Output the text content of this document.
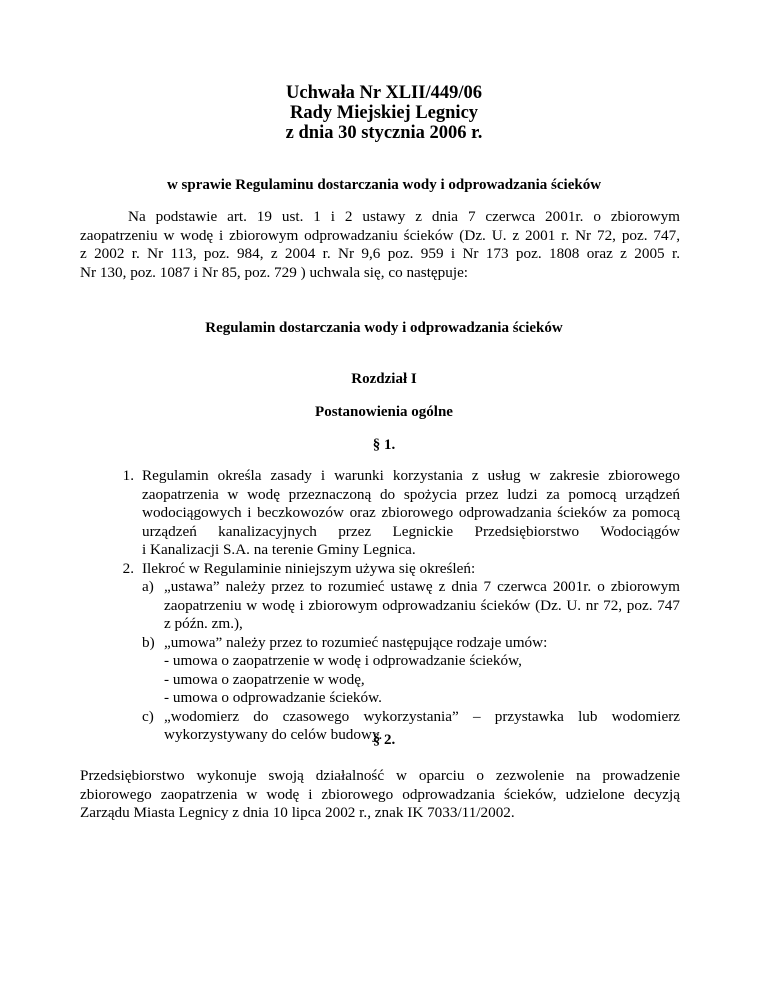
Uchwała Nr XLII/449/06
Rady Miejskiej Legnicy
z dnia 30 stycznia 2006 r.
w sprawie Regulaminu dostarczania wody i odprowadzania ścieków
Na podstawie art. 19 ust. 1 i 2 ustawy z dnia 7 czerwca 2001r. o zbiorowym
zaopatrzeniu w wodę i zbiorowym odprowadzaniu ścieków (Dz. U. z 2001 r. Nr 72, poz. 747,
z 2002 r. Nr 113, poz. 984, z 2004 r. Nr 9,6 poz. 959 i Nr 173 poz. 1808 oraz z 2005 r.
Nr 130, poz. 1087 i Nr 85, poz. 729 ) uchwala się, co następuje:
Regulamin dostarczania wody i odprowadzania ścieków
Rozdział I
Postanowienia ogólne
§ 1.
1. Regulamin określa zasady i warunki korzystania z usług w zakresie zbiorowego
zaopatrzenia w wodę przeznaczoną do spożycia przez ludzi za pomocą urządzeń
wodociągowych i beczkowozów oraz zbiorowego odprowadzania ścieków za pomocą
urządzeń kanalizacyjnych przez Legnickie Przedsiębiorstwo Wodociągów
i Kanalizacji S.A. na terenie Gminy Legnica.
2. Ilekroć w Regulaminie niniejszym używa się określeń:
a) „ustawa” należy przez to rozumieć ustawę z dnia 7 czerwca 2001r. o zbiorowym
zaopatrzeniu w wodę i zbiorowym odprowadzaniu ścieków (Dz. U. nr 72, poz. 747
z późn. zm.),
b) „umowa” należy przez to rozumieć następujące rodzaje umów:
- umowa o zaopatrzenie w wodę i odprowadzanie ścieków,
- umowa o zaopatrzenie w wodę,
- umowa o odprowadzanie ścieków.
c) „wodomierz do czasowego wykorzystania” – przystawka lub wodomierz
wykorzystywany do celów budowy.
§ 2.
Przedsiębiorstwo wykonuje swoją działalność w oparciu o zezwolenie na prowadzenie
zbiorowego zaopatrzenia w wodę i zbiorowego odprowadzania ścieków, udzielone decyzją
Zarządu Miasta Legnicy z dnia 10 lipca 2002 r., znak IK 7033/11/2002.
